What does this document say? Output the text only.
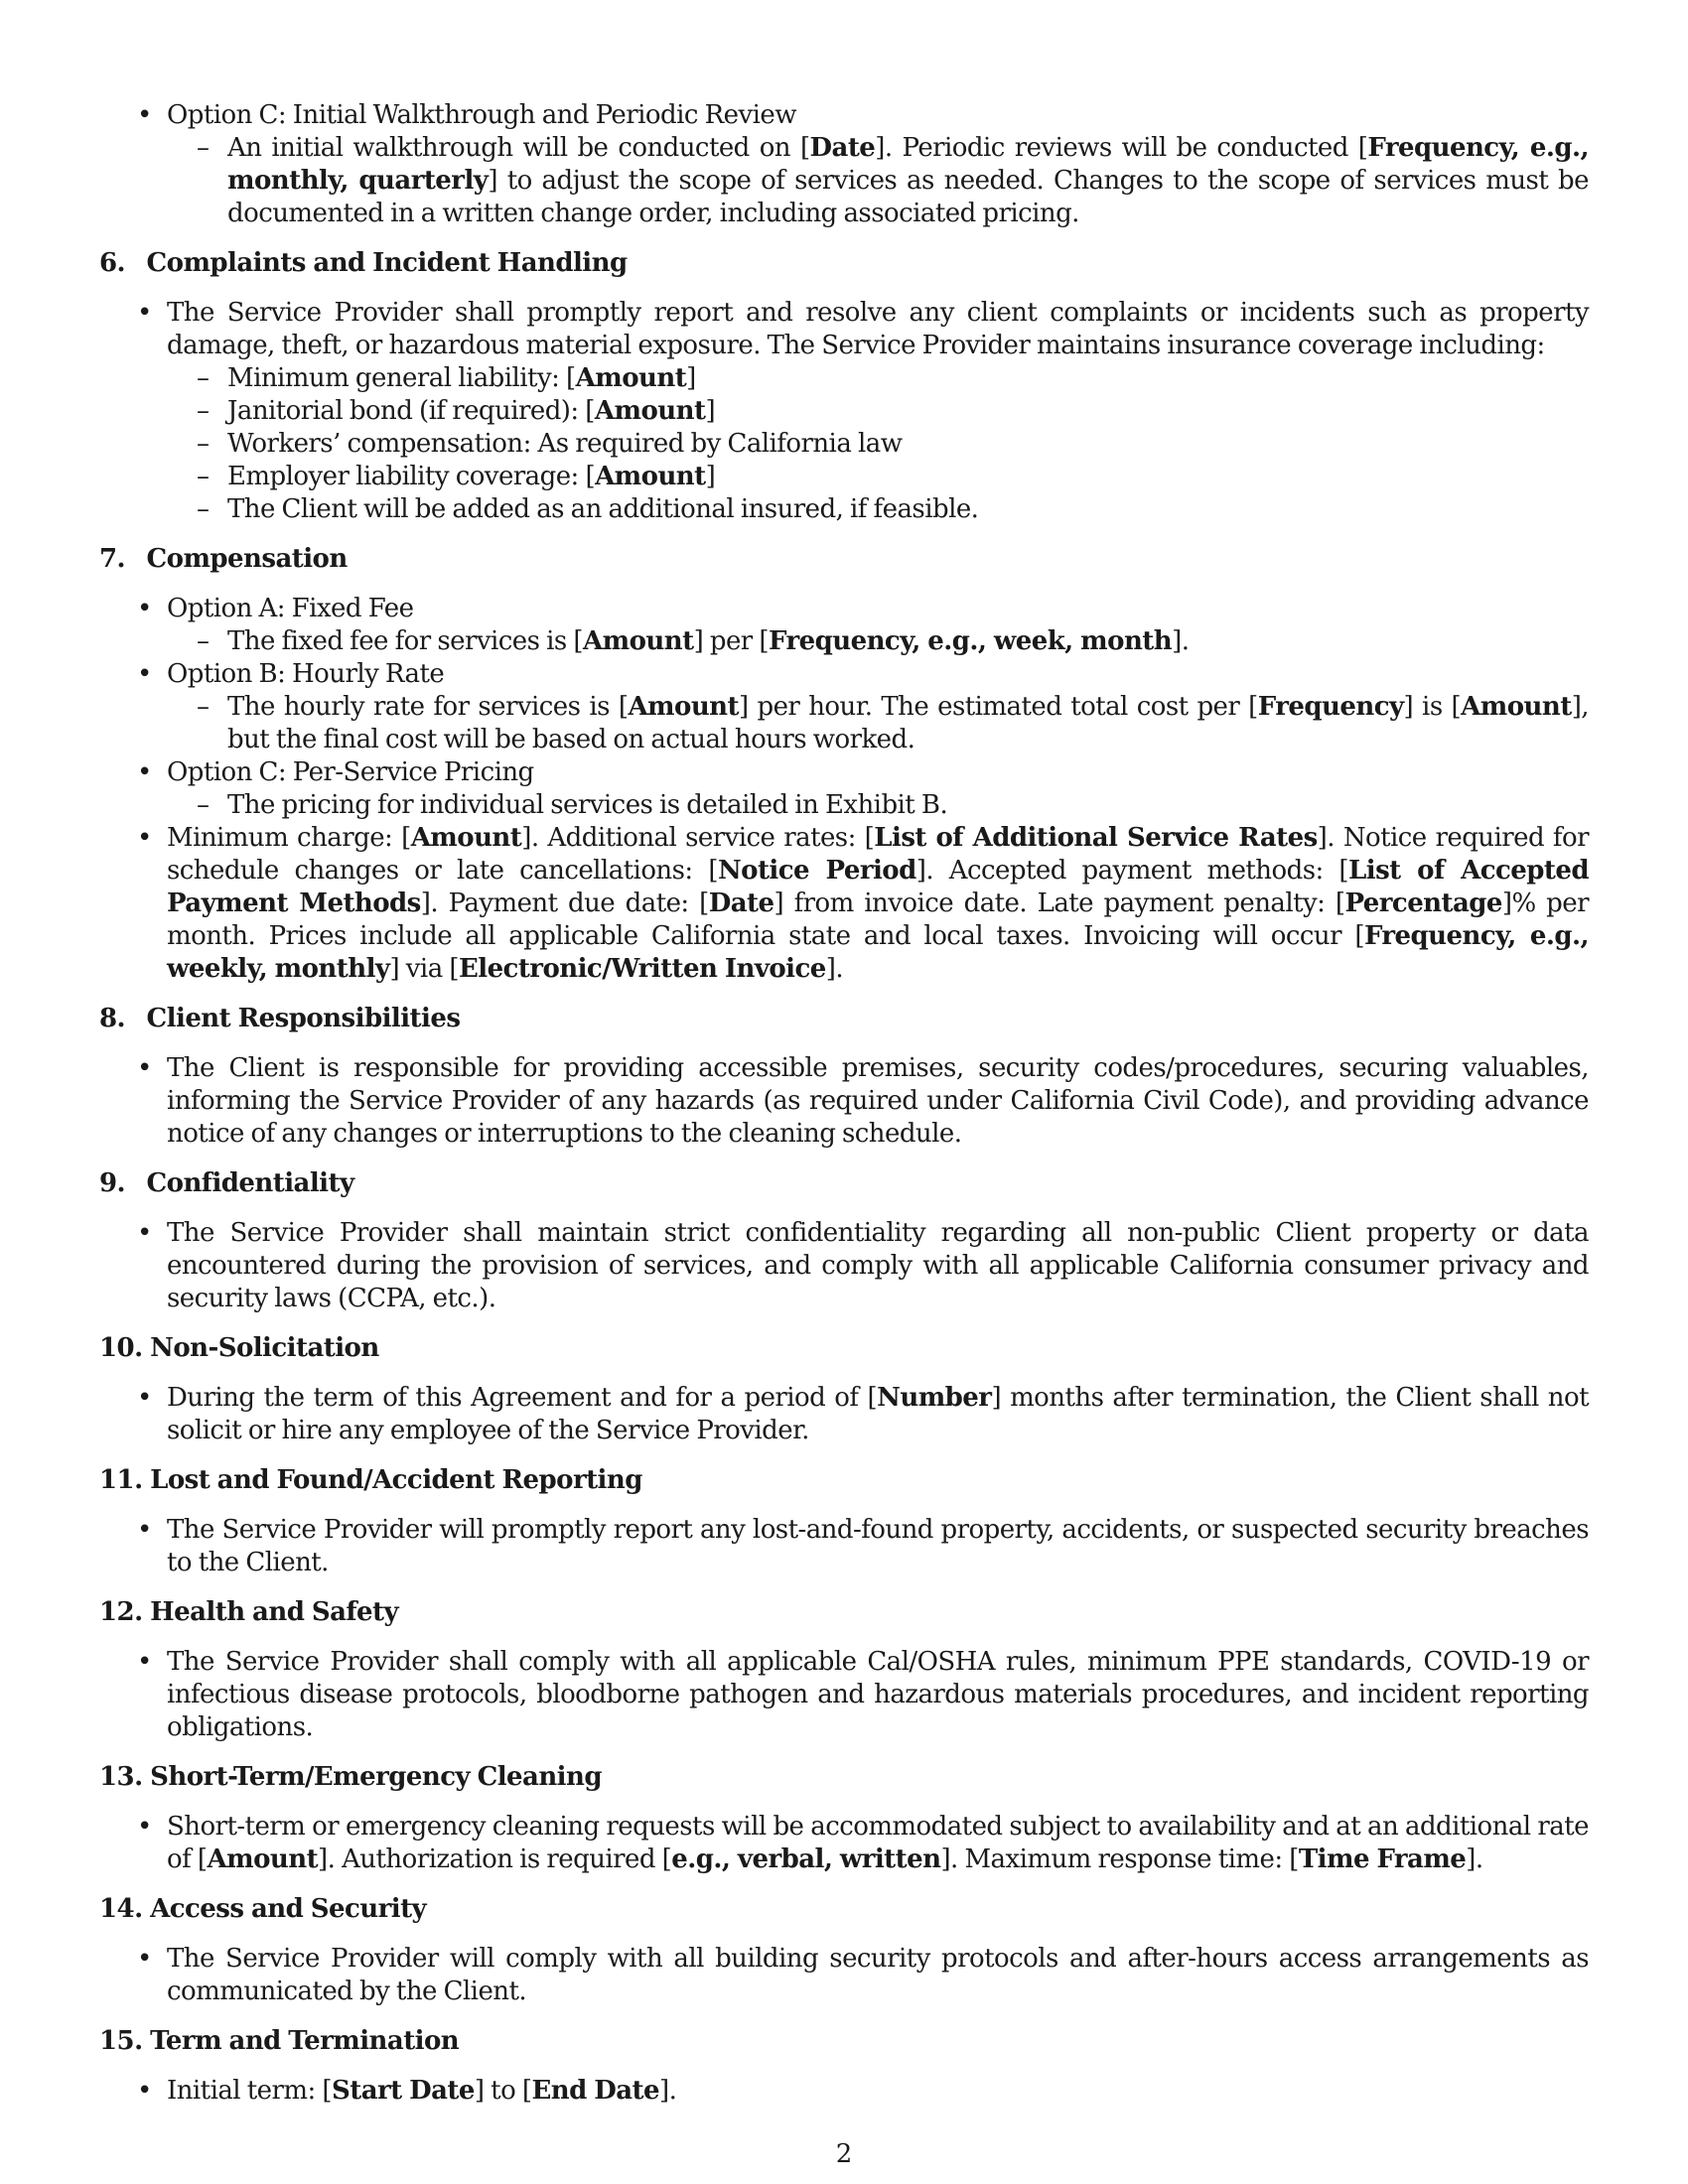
• Option C: Initial Walkthrough and Periodic Review
– An initial walkthrough will be conducted on [Date]. Periodic reviews will be conducted [Frequency, e.g., monthly, quarterly] to adjust the scope of services as needed. Changes to the scope of services must be documented in a written change order, including associated pricing.
6. Complaints and Incident Handling
• The Service Provider shall promptly report and resolve any client complaints or incidents such as property damage, theft, or hazardous material exposure. The Service Provider maintains insurance coverage including:
– Minimum general liability: [Amount]
– Janitorial bond (if required): [Amount]
– Workers’ compensation: As required by California law
– Employer liability coverage: [Amount]
– The Client will be added as an additional insured, if feasible.
7. Compensation
• Option A: Fixed Fee
– The fixed fee for services is [Amount] per [Frequency, e.g., week, month].
• Option B: Hourly Rate
– The hourly rate for services is [Amount] per hour. The estimated total cost per [Frequency] is [Amount], but the final cost will be based on actual hours worked.
• Option C: Per-Service Pricing
– The pricing for individual services is detailed in Exhibit B.
• Minimum charge: [Amount]. Additional service rates: [List of Additional Service Rates]. Notice required for schedule changes or late cancellations: [Notice Period]. Accepted payment methods: [List of Accepted Payment Methods]. Payment due date: [Date] from invoice date. Late payment penalty: [Percentage]% per month. Prices include all applicable California state and local taxes. Invoicing will occur [Frequency, e.g., weekly, monthly] via [Electronic/Written Invoice].
8. Client Responsibilities
• The Client is responsible for providing accessible premises, security codes/procedures, securing valuables, informing the Service Provider of any hazards (as required under California Civil Code), and providing advance notice of any changes or interruptions to the cleaning schedule.
9. Confidentiality
• The Service Provider shall maintain strict confidentiality regarding all non-public Client property or data encountered during the provision of services, and comply with all applicable California consumer privacy and security laws (CCPA, etc.).
10. Non-Solicitation
• During the term of this Agreement and for a period of [Number] months after termination, the Client shall not solicit or hire any employee of the Service Provider.
11. Lost and Found/Accident Reporting
• The Service Provider will promptly report any lost-and-found property, accidents, or suspected security breaches to the Client.
12. Health and Safety
• The Service Provider shall comply with all applicable Cal/OSHA rules, minimum PPE standards, COVID-19 or infectious disease protocols, bloodborne pathogen and hazardous materials procedures, and incident reporting obligations.
13. Short-Term/Emergency Cleaning
• Short-term or emergency cleaning requests will be accommodated subject to availability and at an additional rate of [Amount]. Authorization is required [e.g., verbal, written]. Maximum response time: [Time Frame].
14. Access and Security
• The Service Provider will comply with all building security protocols and after-hours access arrangements as communicated by the Client.
15. Term and Termination
• Initial term: [Start Date] to [End Date].
2
